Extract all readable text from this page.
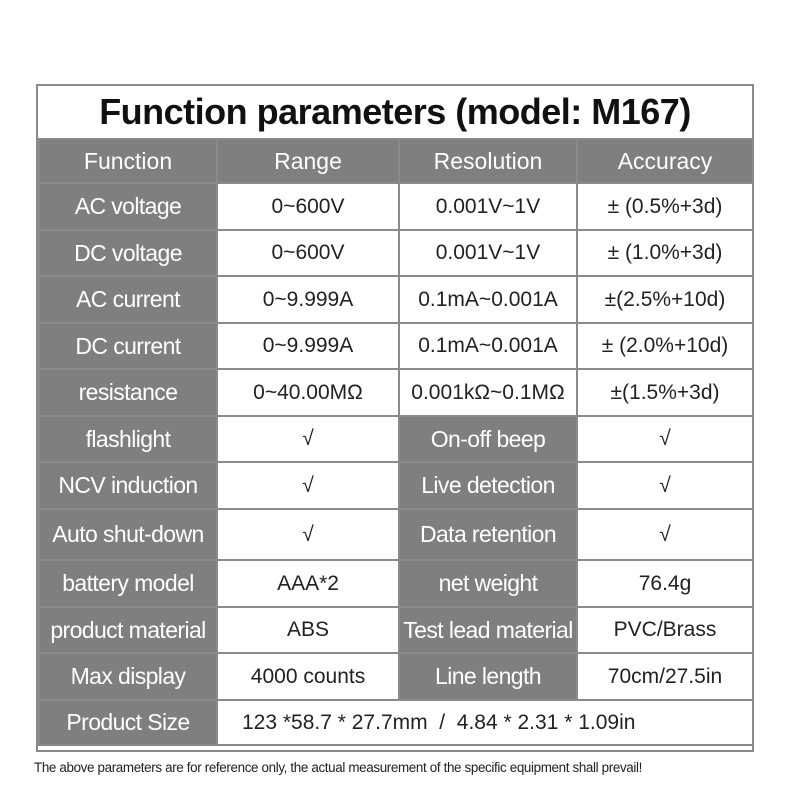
Function parameters (model: M167)
Function	Range	Resolution	Accuracy
AC voltage	0~600V	0.001V~1V	± (0.5%+3d)
DC voltage	0~600V	0.001V~1V	± (1.0%+3d)
AC current	0~9.999A	0.1mA~0.001A	±(2.5%+10d)
DC current	0~9.999A	0.1mA~0.001A	± (2.0%+10d)
resistance	0~40.00MΩ	0.001kΩ~0.1MΩ	±(1.5%+3d)
flashlight	√	On-off beep	√
NCV induction	√	Live detection	√
Auto shut-down	√	Data retention	√
battery model	AAA*2	net weight	76.4g
product material	ABS	Test lead material	PVC/Brass
Max display	4000 counts	Line length	70cm/27.5in
Product Size	123 *58.7 * 27.7mm  /  4.84 * 2.31 * 1.09in		
The above parameters are for reference only, the actual measurement of the specific equipment shall prevail!
